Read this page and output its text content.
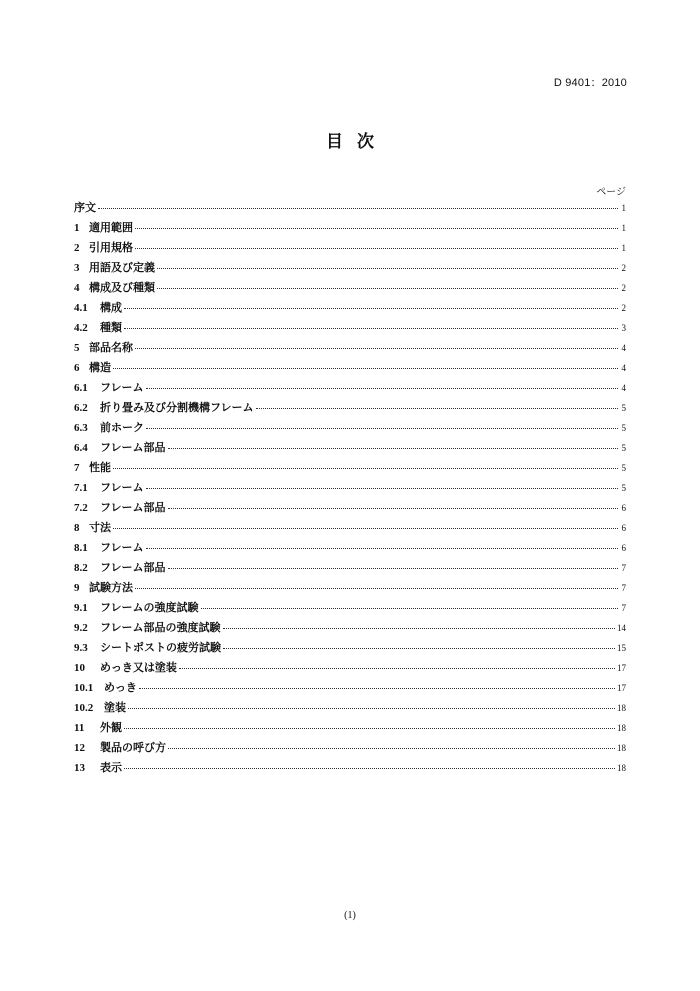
D 9401：2010
目次
ページ
序文	1
1 適用範囲	1
2 引用規格	1
3 用語及び定義	2
4 構成及び種類	2
4.1	構成	2
4.2	種類	3
5 部品名称	4
6 構造	4
6.1	フレーム	4
6.2	折り畳み及び分割機構フレーム	5
6.3	前ホーク	5
6.4	フレーム部品	5
7 性能	5
7.1	フレーム	5
7.2	フレーム部品	6
8 寸法	6
8.1	フレーム	6
8.2	フレーム部品	7
9 試験方法	7
9.1	フレームの強度試験	7
9.2	フレーム部品の強度試験	14
9.3	シートポストの疲労試験	15
10	めっき又は塗装	17
10.1 めっき	17
10.2 塗装	18
11	外観	18
12	製品の呼び方	18
13	表示	18
(1)
